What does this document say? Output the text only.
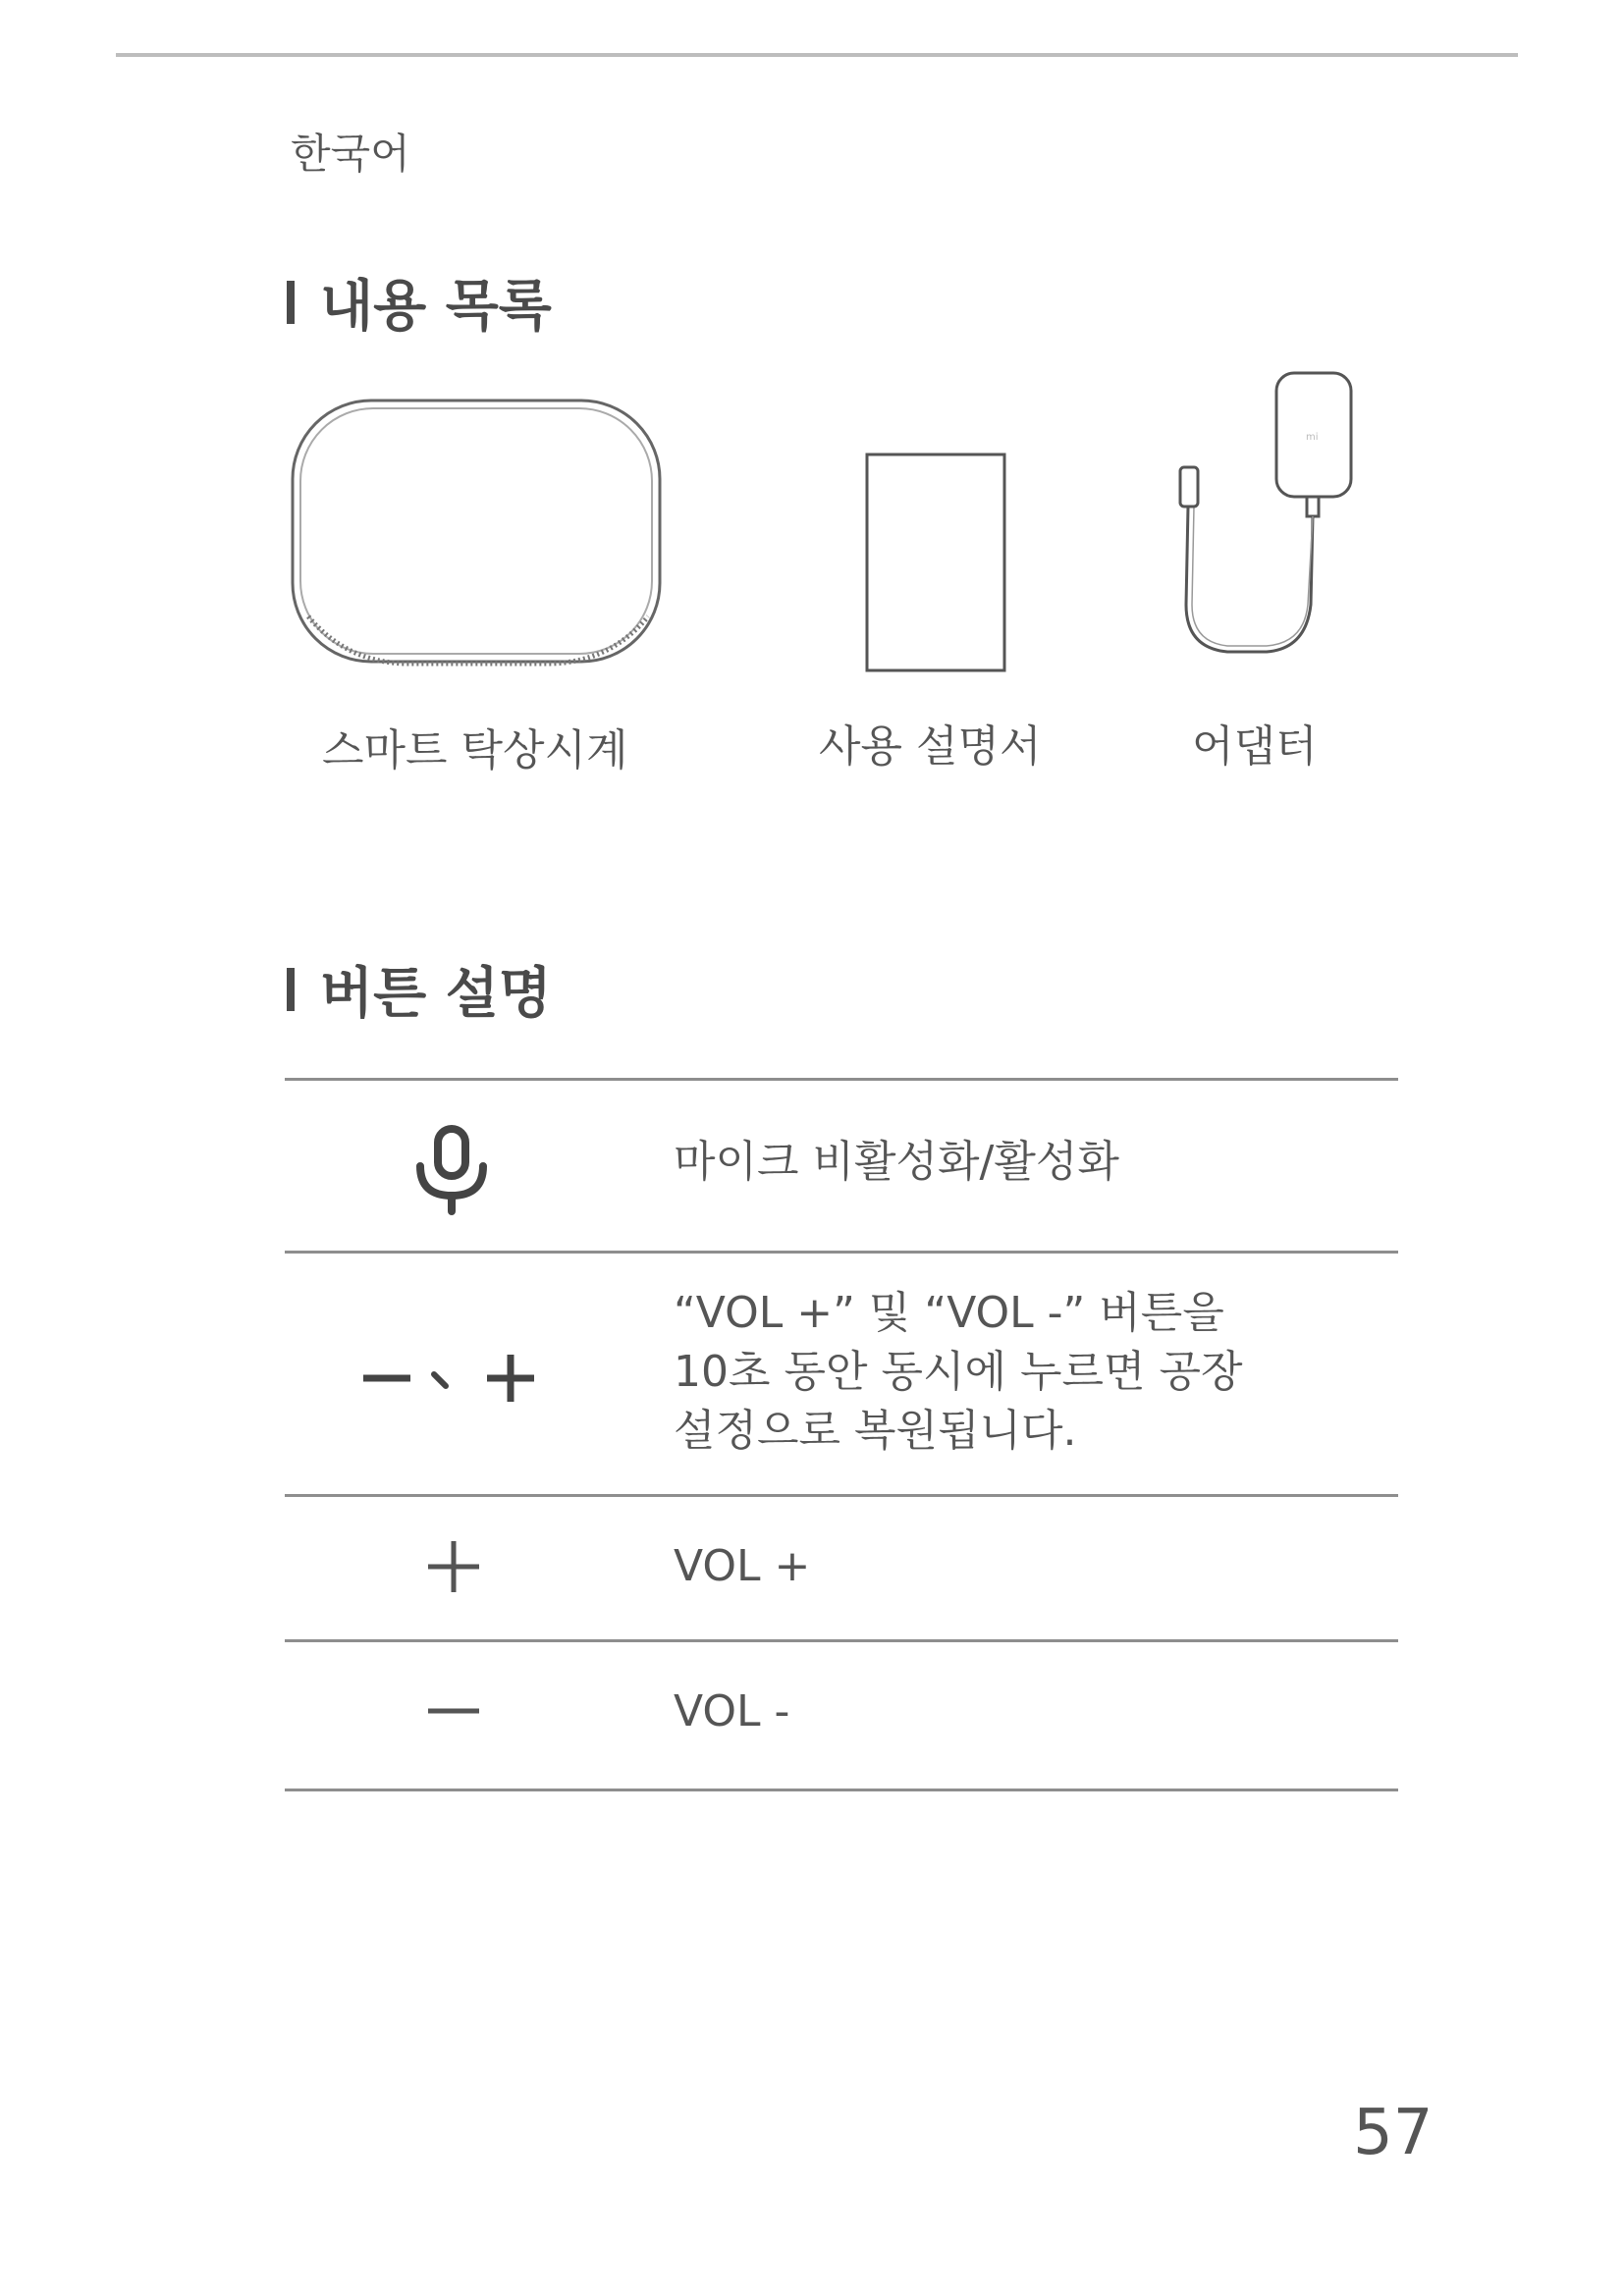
한국어
내용 목록
mi
스마트 탁상시계	사용 설명서	어댑터
버튼 설명
마이크 비활성화/활성화
“VOL +” 및 “VOL -” 버튼을
10초 동안 동시에 누르면 공장
설정으로 복원됩니다.
VOL +
VOL -
57
